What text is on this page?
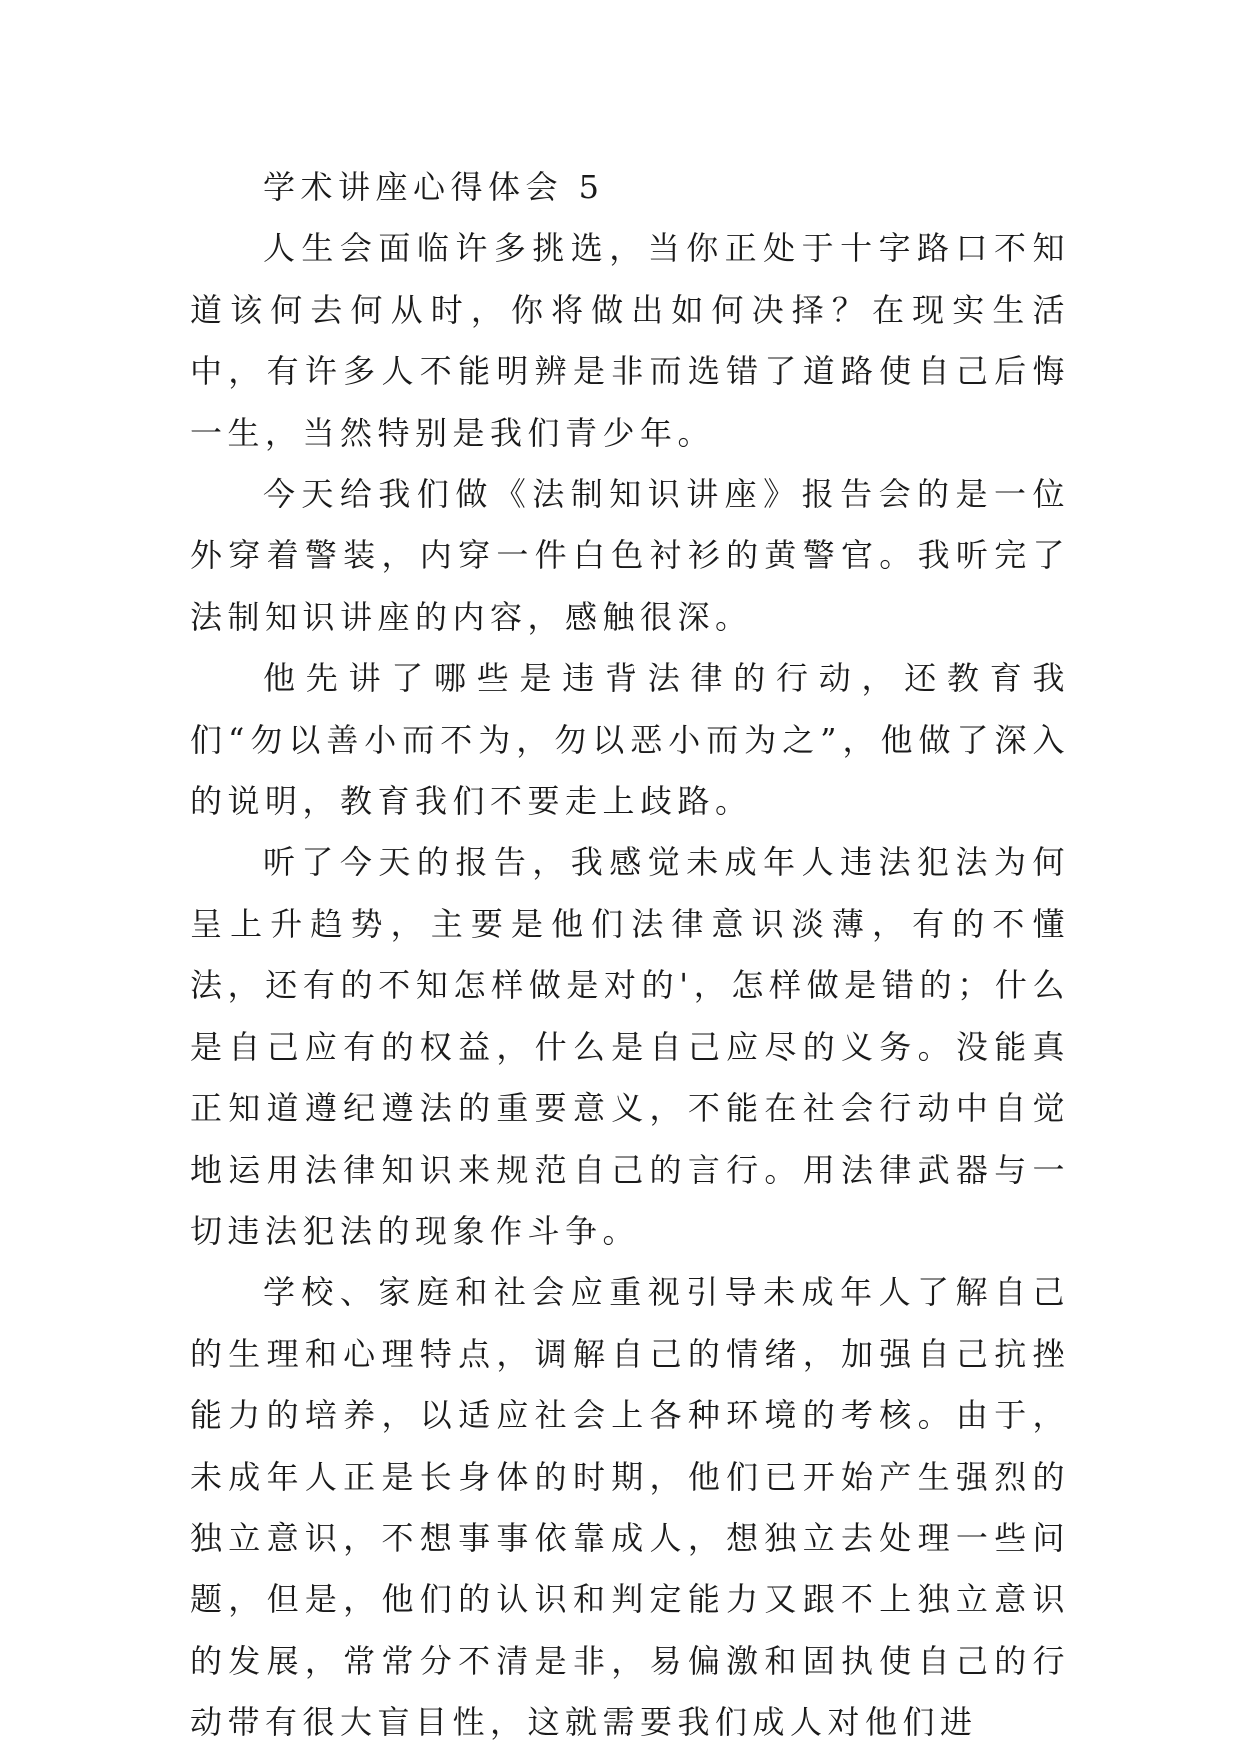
学术讲座心得体会 5

人生会面临许多挑选，当你正处于十字路口不知道该何去何从时，你将做出如何决择？在现实生活中，有许多人不能明辨是非而选错了道路使自己后悔一生，当然特别是我们青少年。

今天给我们做《法制知识讲座》报告会的是一位外穿着警装，内穿一件白色衬衫的黄警官。我听完了法制知识讲座的内容，感触很深。

他先讲了哪些是违背法律的行动，还教育我们“勿以善小而不为，勿以恶小而为之”，他做了深入的说明，教育我们不要走上歧路。

听了今天的报告，我感觉未成年人违法犯法为何呈上升趋势，主要是他们法律意识淡薄，有的不懂法，还有的不知怎样做是对的'，怎样做是错的；什么是自己应有的权益，什么是自己应尽的义务。没能真正知道遵纪遵法的重要意义，不能在社会行动中自觉地运用法律知识来规范自己的言行。用法律武器与一切违法犯法的现象作斗争。

学校、家庭和社会应重视引导未成年人了解自己的生理和心理特点，调解自己的情绪，加强自己抗挫能力的培养，以适应社会上各种环境的考核。由于，未成年人正是长身体的时期，他们已开始产生强烈的独立意识，不想事事依靠成人，想独立去处理一些问题，但是，他们的认识和判定能力又跟不上独立意识的发展，常常分不清是非，易偏激和固执使自己的行动带有很大盲目性，这就需要我们成人对他们进
